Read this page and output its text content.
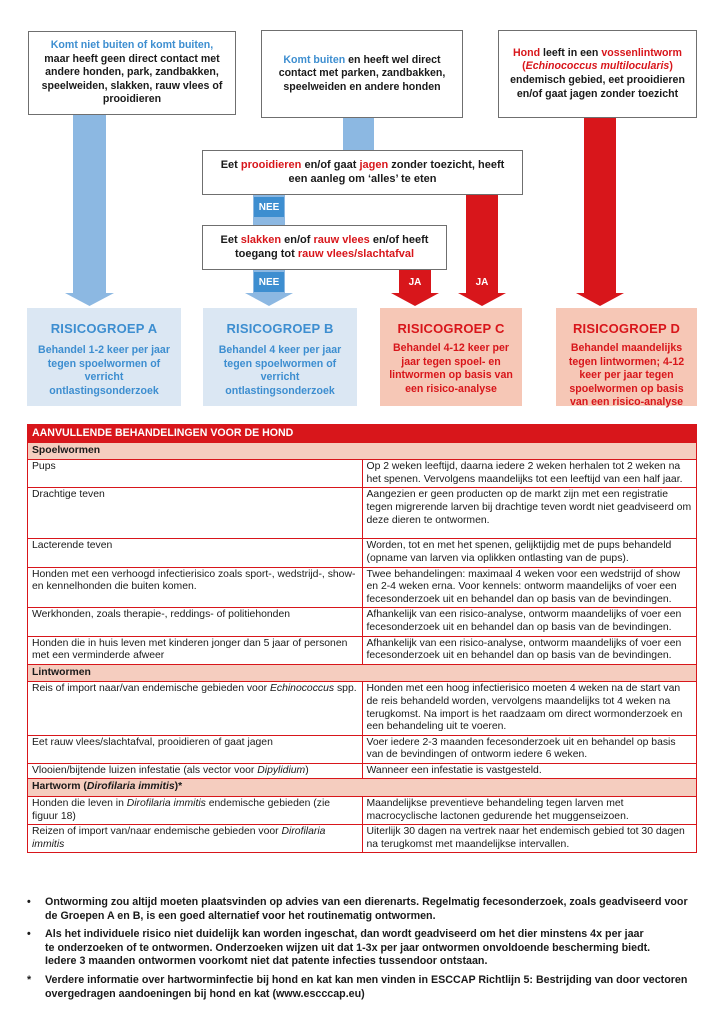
NEE
NEE	JA	JA

Komt niet buiten of komt buiten,
maar heeft geen direct contact met andere honden, park, zandbakken, speelweiden, slakken, rauw vlees of prooidieren

Komt buiten en heeft wel direct contact met parken, zandbakken, speelweiden en andere honden

Hond leeft in een vossenlintworm (Echinococcus multilocularis) endemisch gebied, eet prooidieren en/of gaat jagen zonder toezicht

Eet prooidieren en/of gaat jagen zonder toezicht, heeft een aanleg om ‘alles’ te eten

Eet slakken en/of rauw vlees en/of heeft toegang tot rauw vlees/slachtafval

RISICOGROEP A
Behandel 1-2 keer per jaar tegen spoelwormen of verricht ontlastingsonderzoek
RISICOGROEP B
Behandel 4 keer per jaar tegen spoelwormen of verricht ontlastingsonderzoek
RISICOGROEP C
Behandel 4-12 keer per jaar tegen spoel- en lintwormen op basis van een risico-analyse
RISICOGROEP D
Behandel maandelijks tegen lintwormen; 4-12 keer per jaar tegen spoelwormen op basis van een risico-analyse
AANVULLENDE BEHANDELINGEN VOOR DE HOND	
Spoelwormen	
Pups	Op 2 weken leeftijd, daarna iedere 2 weken herhalen tot 2 weken na het spenen. Vervolgens maandelijks tot een leeftijd van een half jaar.
Drachtige teven	Aangezien er geen producten op de markt zijn met een registratie tegen migrerende larven bij drachtige teven wordt niet geadviseerd om deze dieren te ontwormen.
Lacterende teven	Worden, tot en met het spenen, gelijktijdig met de pups behandeld (opname van larven via oplikken ontlasting van de pups).
Honden met een verhoogd infectierisico zoals sport-, wedstrijd-, show- en kennelhonden die buiten komen.	Twee behandelingen: maximaal 4 weken voor een wedstrijd of show en 2-4 weken erna. Voor kennels: ontworm maandelijks of voer een fecesonderzoek uit en behandel dan op basis van de bevindingen.
Werkhonden, zoals therapie-, reddings- of politiehonden	Afhankelijk van een risico-analyse, ontworm maandelijks of voer een fecesonderzoek uit en behandel dan op basis van de bevindingen.
Honden die in huis leven met kinderen jonger dan 5 jaar of personen met een verminderde afweer	Afhankelijk van een risico-analyse, ontworm maandelijks of voer een fecesonderzoek uit en behandel dan op basis van de bevindingen.
Lintwormen	
Reis of import naar/van endemische gebieden voor Echinococcus spp.	Honden met een hoog infectierisico moeten 4 weken na de start van de reis behandeld worden, vervolgens maandelijks tot 4 weken na terugkomst. Na import is het raadzaam om direct wormonderzoek en een behandeling uit te voeren.
Eet rauw vlees/slachtafval, prooidieren of gaat jagen	Voer iedere 2-3 maanden fecesonderzoek uit en behandel op basis van de bevindingen of ontworm iedere 6 weken.
Vlooien/bijtende luizen infestatie (als vector voor Dipylidium)	Wanneer een infestatie is vastgesteld.
Hartworm (Dirofilaria immitis)*	
Honden die leven in Dirofilaria immitis endemische gebieden (zie figuur 18)	Maandelijkse preventieve behandeling tegen larven met macrocyclische lactonen gedurende het muggenseizoen.
Reizen of import van/naar endemische gebieden voor Dirofilaria immitis	Uiterlijk 30 dagen na vertrek naar het endemisch gebied tot 30 dagen na terugkomst met maandelijkse intervallen.
•	Ontworming zou altijd moeten plaatsvinden op advies van een dierenarts. Regelmatig fecesonderzoek, zoals geadviseerd voor
de Groepen A en B, is een goed alternatief voor het routinematig ontwormen.
•	Als het individuele risico niet duidelijk kan worden ingeschat, dan wordt geadviseerd om het dier minstens 4x per jaar
te onderzoeken of te ontwormen. Onderzoeken wijzen uit dat 1-3x per jaar ontwormen onvoldoende bescherming biedt.
Iedere 3 maanden ontwormen voorkomt niet dat patente infecties tussendoor ontstaan.
*	Verdere informatie over hartworminfectie bij hond en kat kan men vinden in ESCCAP Richtlijn 5: Bestrijding van door vectoren
overgedragen aandoeningen bij hond en kat (www.escccap.eu)
